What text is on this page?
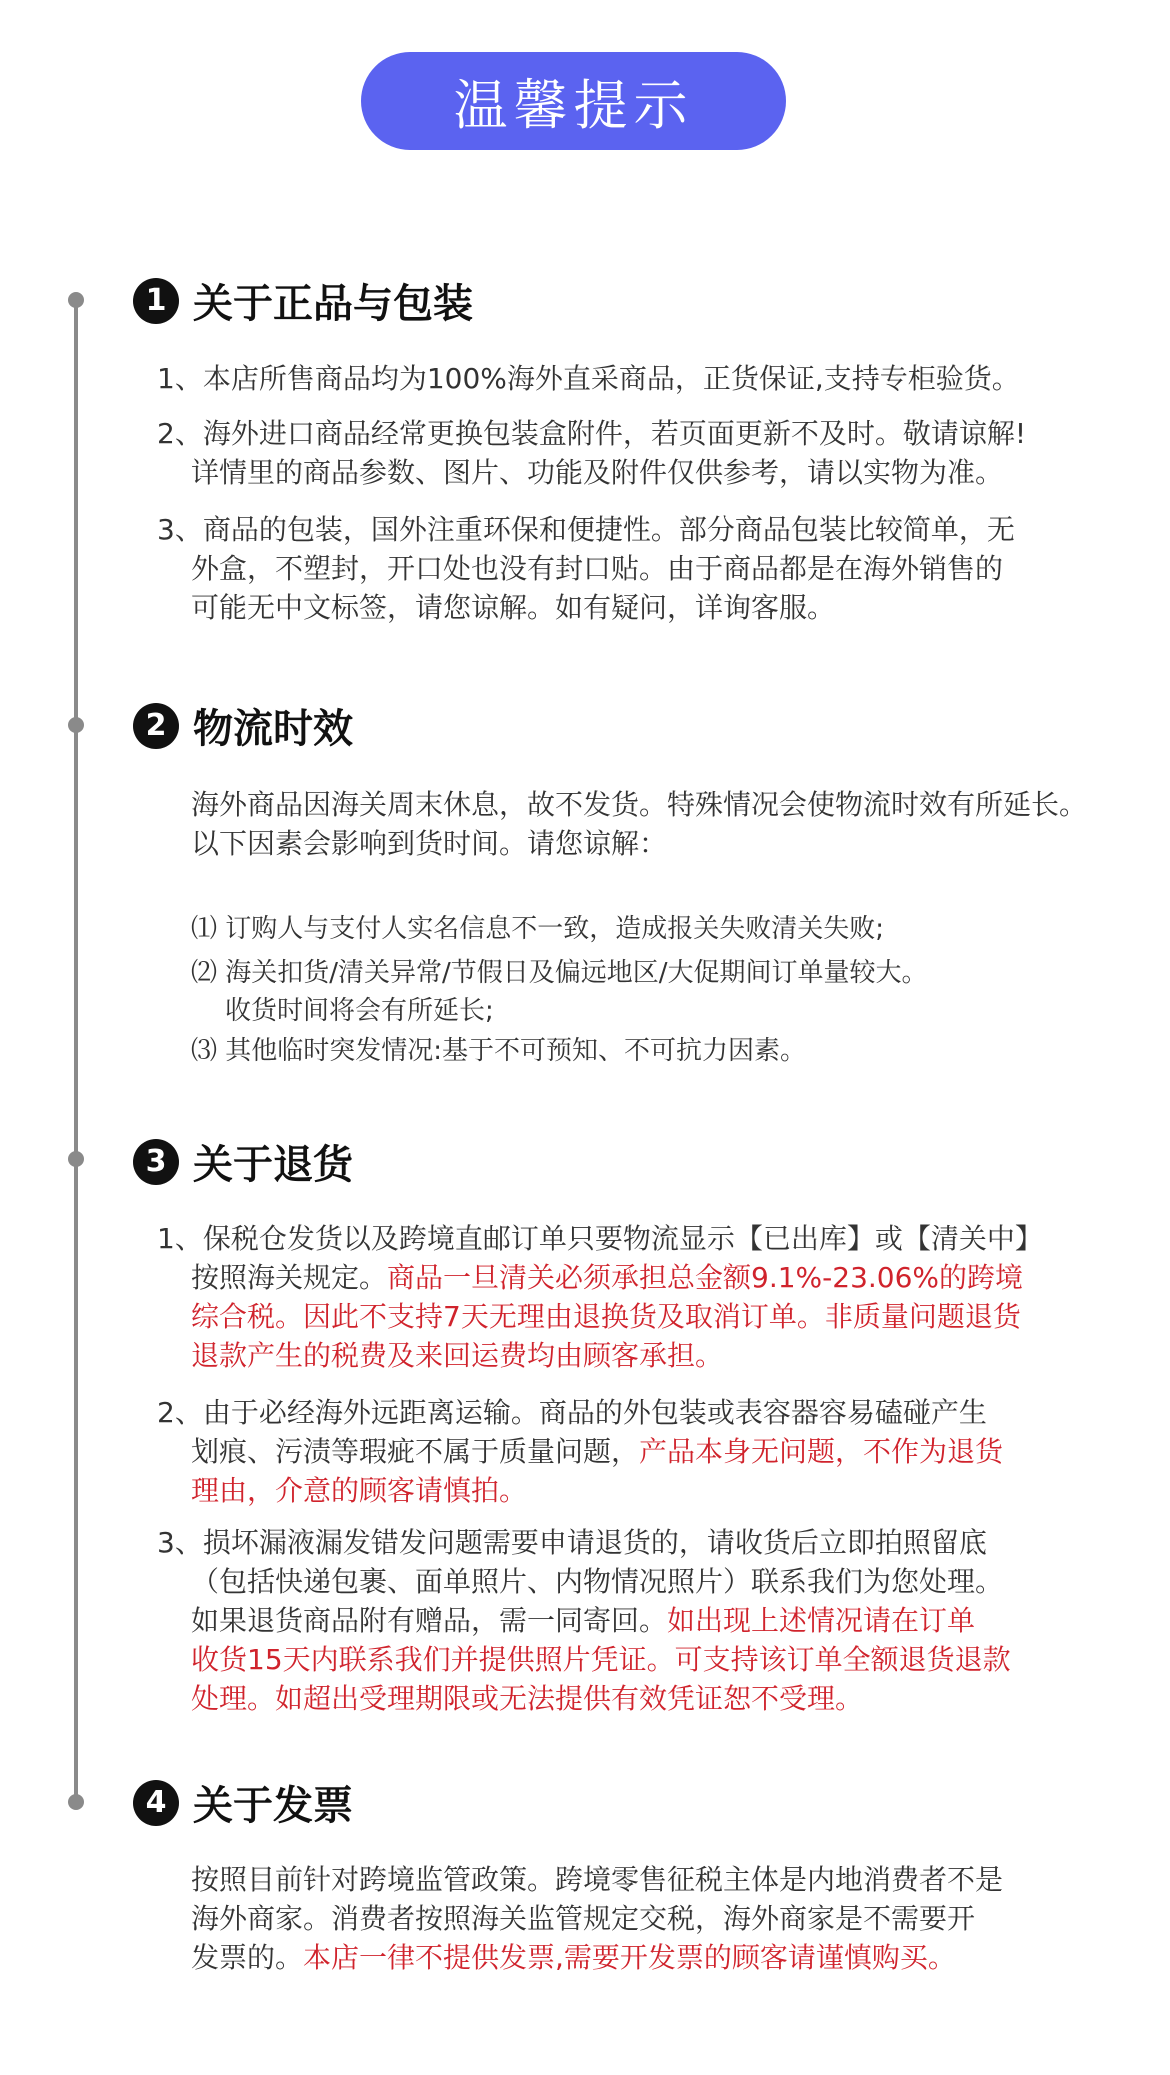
温馨提示
1 关于正品与包装
1、本店所售商品均为100%海外直采商品，正货保证,支持专柜验货。
2、海外进口商品经常更换包装盒附件，若页面更新不及时。敬请谅解!
详情里的商品参数、图片、功能及附件仅供参考，请以实物为准。
3、商品的包装，国外注重环保和便捷性。部分商品包装比较简单，无
外盒，不塑封，开口处也没有封口贴。由于商品都是在海外销售的
可能无中文标签，请您谅解。如有疑问，详询客服。
2 物流时效
海外商品因海关周末休息，故不发货。特殊情况会使物流时效有所延长。
以下因素会影响到货时间。请您谅解：
⑴ 订购人与支付人实名信息不一致，造成报关失败清关失败;
⑵ 海关扣货/清关异常/节假日及偏远地区/大促期间订单量较大。
收货时间将会有所延长;
⑶ 其他临时突发情况:基于不可预知、不可抗力因素。
3 关于退货
1、保税仓发货以及跨境直邮订单只要物流显示【已出库】或【清关中】
按照海关规定。商品一旦清关必须承担总金额9.1%-23.06%的跨境
综合税。因此不支持7天无理由退换货及取消订单。非质量问题退货
退款产生的税费及来回运费均由顾客承担。
2、由于必经海外远距离运输。商品的外包装或表容器容易磕碰产生
划痕、污渍等瑕疵不属于质量问题，产品本身无问题，不作为退货
理由，介意的顾客请慎拍。
3、损坏漏液漏发错发问题需要申请退货的，请收货后立即拍照留底
（包括快递包裹、面单照片、内物情况照片）联系我们为您处理。
如果退货商品附有赠品，需一同寄回。如出现上述情况请在订单
收货15天内联系我们并提供照片凭证。可支持该订单全额退货退款
处理。如超出受理期限或无法提供有效凭证恕不受理。
4 关于发票
按照目前针对跨境监管政策。跨境零售征税主体是内地消费者不是
海外商家。消费者按照海关监管规定交税，海外商家是不需要开
发票的。本店一律不提供发票,需要开发票的顾客请谨慎购买。
